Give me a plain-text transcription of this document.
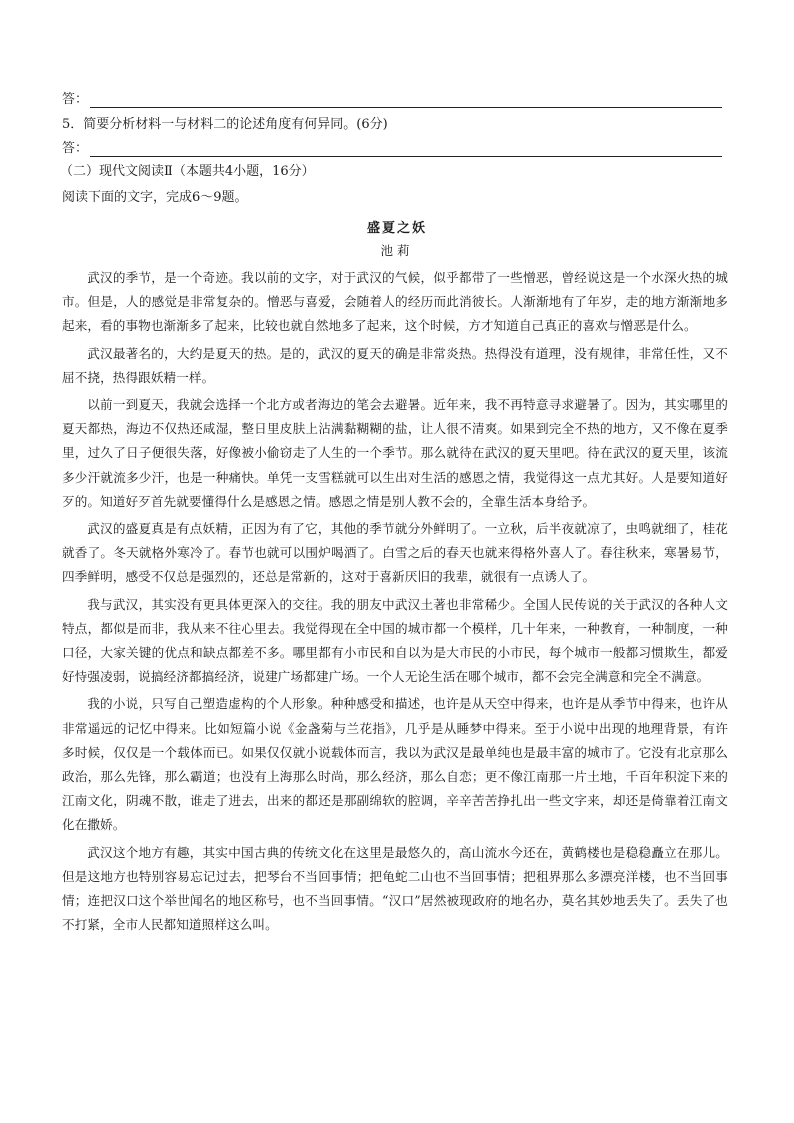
答：
5．简要分析材料一与材料二的论述角度有何异同。(6分)
答：
（二）现代文阅读Ⅱ（本题共4小题，16分）
阅读下面的文字，完成6～9题。
盛夏之妖
池莉

武汉的季节，是一个奇迹。我以前的文字，对于武汉的气候，似乎都带了一些憎恶，曾经说这是一个水深火热的城市。但是，人的感觉是非常复杂的。憎恶与喜爱，会随着人的经历而此消彼长。人渐渐地有了年岁，走的地方渐渐地多起来，看的事物也渐渐多了起来，比较也就自然地多了起来，这个时候，方才知道自己真正的喜欢与憎恶是什么。

武汉最著名的，大约是夏天的热。是的，武汉的夏天的确是非常炎热。热得没有道理，没有规律，非常任性，又不屈不挠，热得跟妖精一样。

以前一到夏天，我就会选择一个北方或者海边的笔会去避暑。近年来，我不再特意寻求避暑了。因为，其实哪里的夏天都热，海边不仅热还咸湿，整日里皮肤上沾满黏糊糊的盐，让人很不清爽。如果到完全不热的地方，又不像在夏季里，过久了日子便很失落，好像被小偷窃走了人生的一个季节。那么就待在武汉的夏天里吧。待在武汉的夏天里，该流多少汗就流多少汗，也是一种痛快。单凭一支雪糕就可以生出对生活的感恩之情，我觉得这一点尤其好。人是要知道好歹的。知道好歹首先就要懂得什么是感恩之情。感恩之情是别人教不会的，全靠生活本身给予。

武汉的盛夏真是有点妖精，正因为有了它，其他的季节就分外鲜明了。一立秋，后半夜就凉了，虫鸣就细了，桂花就香了。冬天就格外寒冷了。春节也就可以围炉喝酒了。白雪之后的春天也就来得格外喜人了。春往秋来，寒暑易节，四季鲜明，感受不仅总是强烈的，还总是常新的，这对于喜新厌旧的我辈，就很有一点诱人了。

我与武汉，其实没有更具体更深入的交往。我的朋友中武汉土著也非常稀少。全国人民传说的关于武汉的各种人文特点，都似是而非，我从来不往心里去。我觉得现在全中国的城市都一个模样，几十年来，一种教育，一种制度，一种口径，大家关键的优点和缺点都差不多。哪里都有小市民和自以为是大市民的小市民，每个城市一般都习惯欺生，都爱好恃强凌弱，说搞经济都搞经济，说建广场都建广场。一个人无论生活在哪个城市，都不会完全满意和完全不满意。

我的小说，只写自己塑造虚构的个人形象。种种感受和描述，也许是从天空中得来，也许是从季节中得来，也许从非常遥远的记忆中得来。比如短篇小说《金盏菊与兰花指》，几乎是从睡梦中得来。至于小说中出现的地理背景，有许多时候，仅仅是一个载体而已。如果仅仅就小说载体而言，我以为武汉是最单纯也是最丰富的城市了。它没有北京那么政治，那么先锋，那么霸道；也没有上海那么时尚，那么经济，那么自恋；更不像江南那一片土地，千百年积淀下来的江南文化，阴魂不散，谁走了进去，出来的都还是那副绵软的腔调，辛辛苦苦挣扎出一些文字来，却还是倚靠着江南文化在撒娇。

武汉这个地方有趣，其实中国古典的传统文化在这里是最悠久的，高山流水今还在，黄鹤楼也是稳稳矗立在那儿。但是这地方也特别容易忘记过去，把琴台不当回事情；把龟蛇二山也不当回事情；把租界那么多漂亮洋楼，也不当回事情；连把汉口这个举世闻名的地区称号，也不当回事情。“汉口”居然被现政府的地名办，莫名其妙地丢失了。丢失了也不打紧，全市人民都知道照样这么叫。
